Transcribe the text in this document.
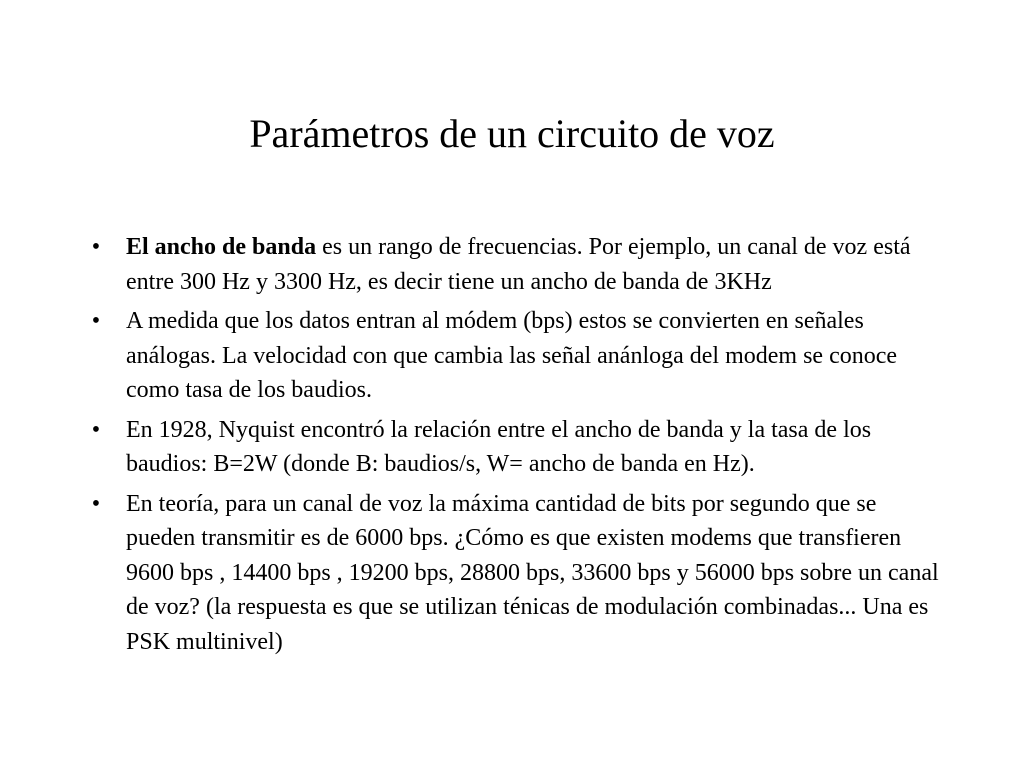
Parámetros de un circuito de voz
• El ancho de banda es un rango de frecuencias. Por ejemplo, un canal de voz está entre 300 Hz y 3300 Hz, es decir tiene un ancho de banda de 3KHz
• A medida que los datos entran al módem (bps) estos se convierten en señales análogas. La velocidad con que cambia las señal anánloga del modem se conoce como tasa de los baudios.
• En 1928, Nyquist encontró la relación entre el ancho de banda y la tasa de los baudios: B=2W (donde B: baudios/s, W= ancho de banda en Hz).
• En teoría, para un canal de voz la máxima cantidad de bits por segundo que se pueden transmitir es de 6000 bps. ¿Cómo es que existen modems que transfieren 9600 bps , 14400 bps , 19200 bps, 28800 bps, 33600 bps y 56000 bps sobre un canal de voz? (la respuesta es que se utilizan ténicas de modulación combinadas... Una es PSK multinivel)
